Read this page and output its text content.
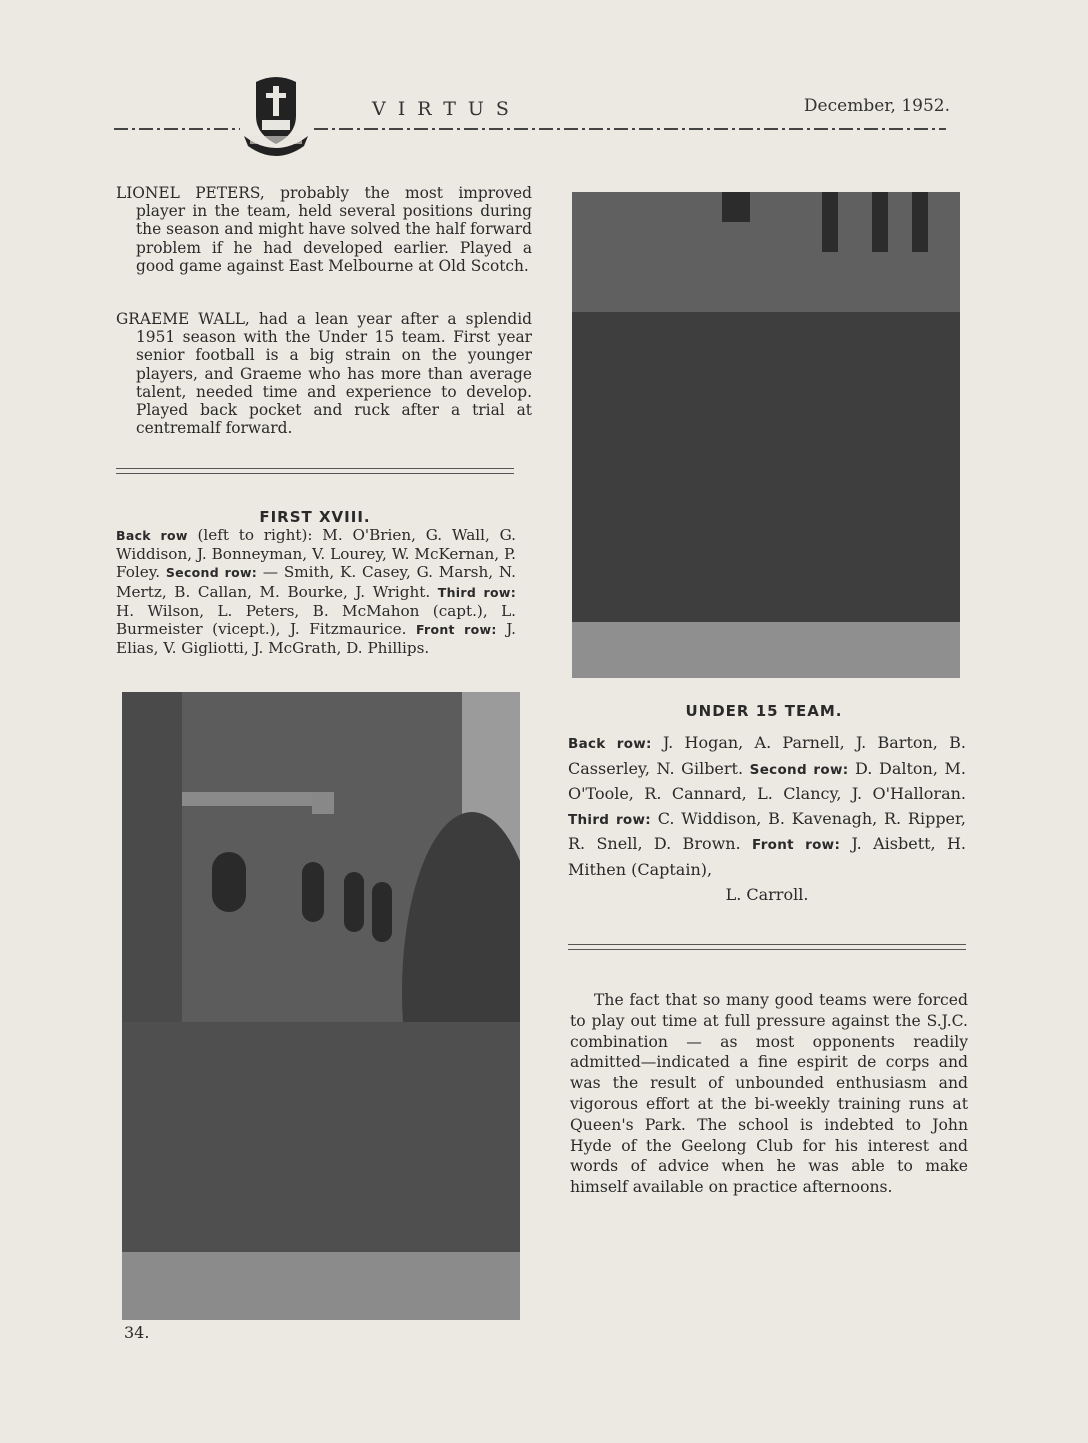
VIRTUS	December, 1952.

LIONEL PETERS, probably the most improved player in the team, held several positions during the season and might have solved the half forward problem if he had developed earlier. Played a good game against East Melbourne at Old Scotch.

GRAEME WALL, had a lean year after a splendid 1951 season with the Under 15 team. First year senior football is a big strain on the younger players, and Graeme who has more than average talent, needed time and experience to develop. Played back pocket and ruck after a trial at centremalf forward.

FIRST XVIII.

Back row (left to right): M. O'Brien, G. Wall, G. Widdison, J. Bonneyman, V. Lourey, W. McKernan, P. Foley. Second row: — Smith, K. Casey, G. Marsh, N. Mertz, B. Callan, M. Bourke, J. Wright. Third row: H. Wilson, L. Peters, B. McMahon (capt.), L. Burmeister (vicept.), J. Fitzmaurice. Front row: J. Elias, V. Gigliotti, J. McGrath, D. Phillips.

UNDER 15 TEAM.

Back row: J. Hogan, A. Parnell, J. Barton, B. Casserley, N. Gilbert. Second row: D. Dalton, M. O'Toole, R. Cannard, L. Clancy, J. O'Halloran. Third row: C. Widdison, B. Kavenagh, R. Ripper, R. Snell, D. Brown. Front row: J. Aisbett, H. Mithen (Captain),
L. Carroll.

The fact that so many good teams were forced to play out time at full pressure against the S.J.C. combination — as most opponents readily admitted—indicated a fine espirit de corps and was the result of unbounded enthusiasm and vigorous effort at the bi-weekly training runs at Queen's Park. The school is indebted to John Hyde of the Geelong Club for his interest and words of advice when he was able to make himself available on practice afternoons.

34.
